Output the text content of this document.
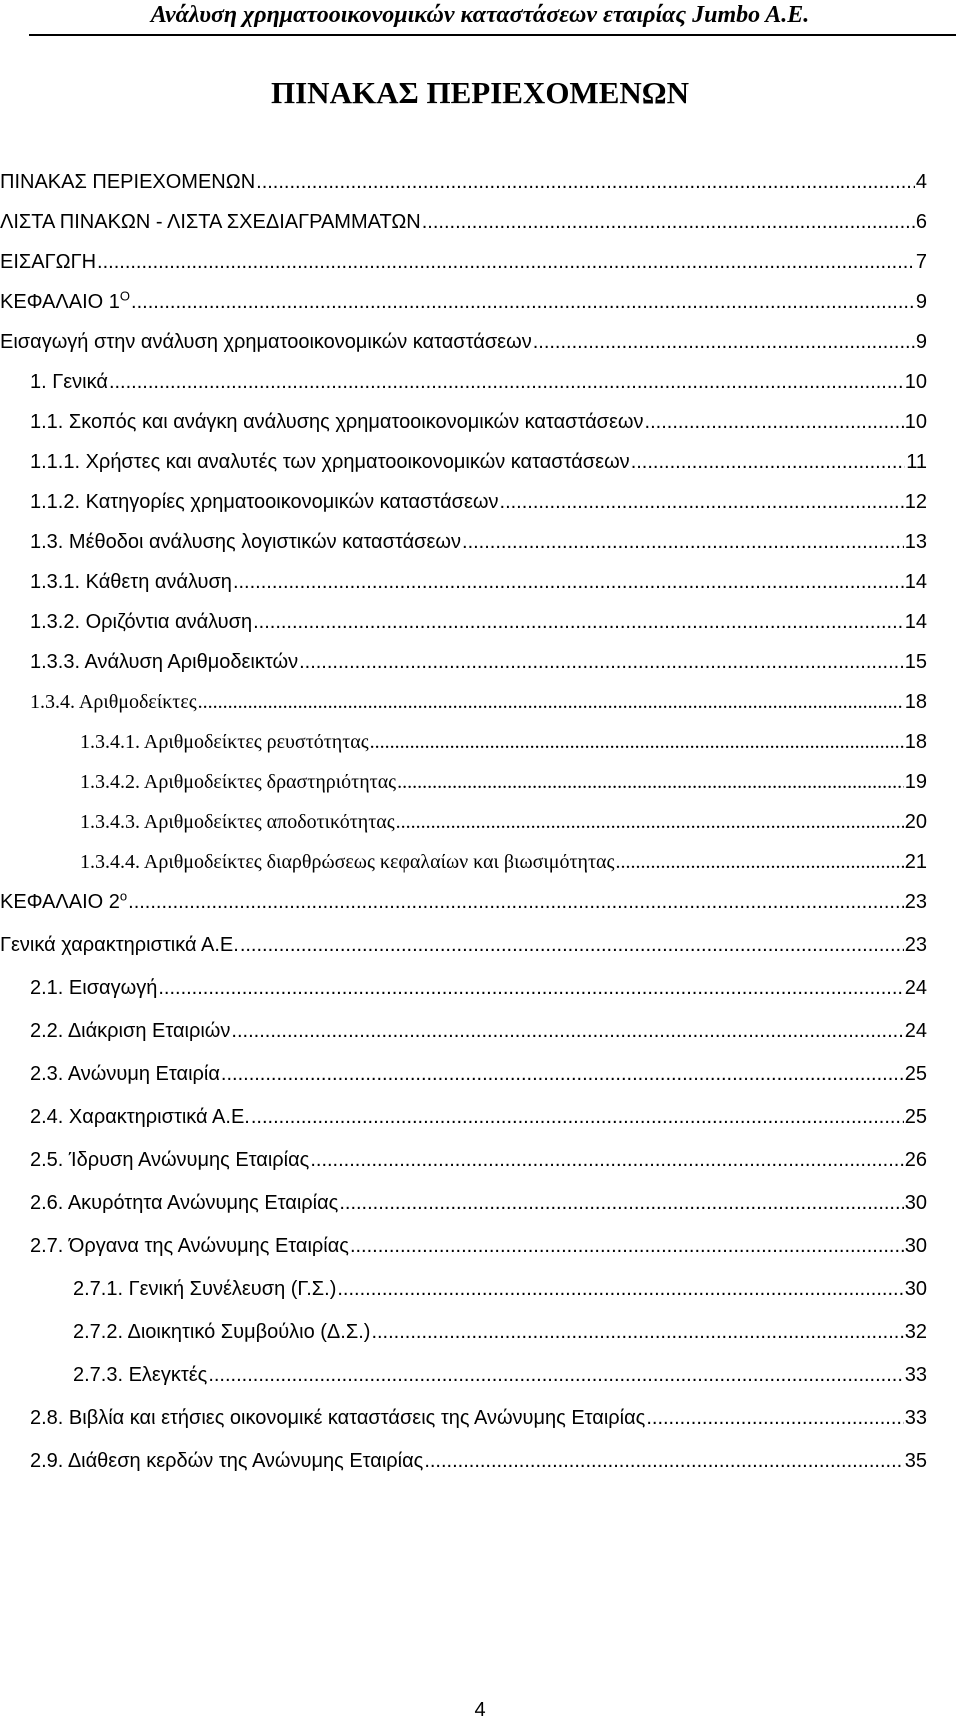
Ανάλυση χρηματοοικονομικών καταστάσεων εταιρίας Jumbo A.E.
ΠΙΝΑΚΑΣ ΠΕΡΙΕΧΟΜΕΝΩΝ
ΠΙΝΑΚΑΣ ΠΕΡΙΕΧΟΜΕΝΩΝ .....	4
ΛΙΣΤΑ ΠΙΝΑΚΩΝ - ΛΙΣΤΑ ΣΧΕΔΙΑΓΡΑΜΜΑΤΩΝ .....	6
ΕΙΣΑΓΩΓΗ .....	7
ΚΕΦΑΛΑΙΟ $1^O$ .....	9
Εισαγωγή στην ανάλυση χρηματοοικονομικών καταστάσεων .....	9
1. Γενικά .....	10
1.1. Σκοπός και ανάγκη ανάλυσης χρηματοοικονομικών καταστάσεων .....	10
1.1.1. Χρήστες και αναλυτές των χρηματοοικονομικών καταστάσεων .....	11
1.1.2. Κατηγορίες χρηματοοικονομικών καταστάσεων .....	12
1.3. Μέθοδοι ανάλυσης λογιστικών καταστάσεων .....	13
1.3.1. Κάθετη ανάλυση .....	14
1.3.2. Οριζόντια ανάλυση .....	14
1.3.3. Ανάλυση Αριθμοδεικτών .....	15
1.3.4. Αριθμοδείκτες .....	18
1.3.4.1. Αριθμοδείκτες ρευστότητας .....	18
1.3.4.2. Αριθμοδείκτες δραστηριότητας .....	19
1.3.4.3. Αριθμοδείκτες αποδοτικότητας .....	20
1.3.4.4. Αριθμοδείκτες διαρθρώσεως κεφαλαίων και βιωσιμότητας .....	21
ΚΕΦΑΛΑΙΟ $2^o$ .....	23
Γενικά χαρακτηριστικά Α.Ε. .....	23
2.1. Εισαγωγή .....	24
2.2. Διάκριση Εταιριών .....	24
2.3. Ανώνυμη Εταιρία .....	25
2.4. Χαρακτηριστικά Α.Ε. .....	25
2.5. Ίδρυση Ανώνυμης Εταιρίας .....	26
2.6. Ακυρότητα Ανώνυμης Εταιρίας .....	30
2.7. Όργανα της Ανώνυμης Εταιρίας .....	30
2.7.1. Γενική Συνέλευση (Γ.Σ.) .....	30
2.7.2. Διοικητικό Συμβούλιο (Δ.Σ.) .....	32
2.7.3. Ελεγκτές .....	33
2.8. Βιβλία και ετήσιες οικονομικέ καταστάσεις της Ανώνυμης Εταιρίας .....	33
2.9. Διάθεση κερδών της Ανώνυμης Εταιρίας .....	35
4
